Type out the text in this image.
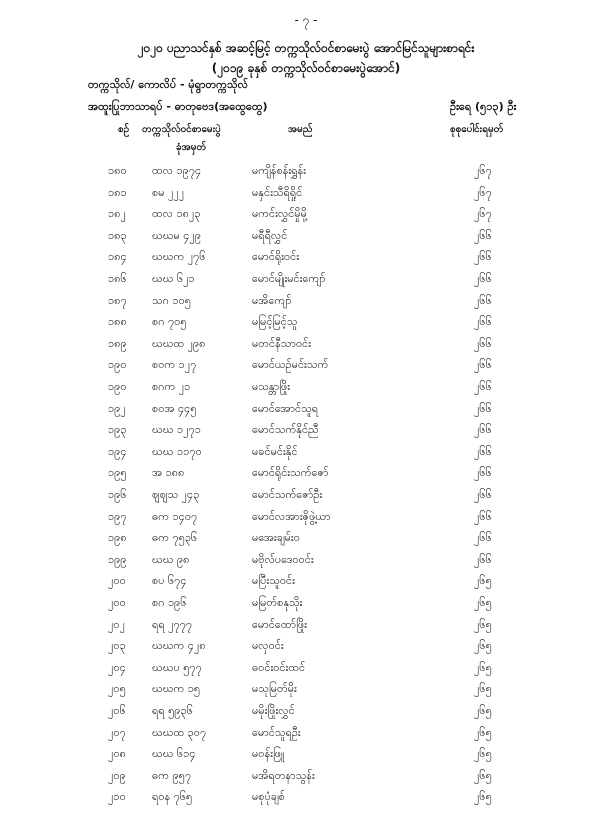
- ၇ -
၂၀၂၀ ပညာသင်နှစ် အဆင့်မြင့် တက္ကသိုလ်ဝင်စာမေးပွဲ အောင်မြင်သူများစာရင်း
(၂၀၁၉ ခုနှစ် တက္ကသိုလ်ဝင်စာမေးပွဲအောင်)
တက္ကသိုလ်/ ကောလိပ် - မုံရွာတက္ကသိုလ်
အထူးပြုဘာသာရပ် - ဓာတုဗေဒ(အထွေထွေ)	ဦးရေ (၅၁၃) ဦး
စဉ် တက္ကသိုလ်ဝင်စာမေးပွဲ
ခုံအမှတ်
အမည်	စုစုပေါင်းရမှတ်
၁၈၀ ထလ ၁၉၇၄	မကျိန်စန်းရွှန်း	၂၆၇
၁၈၁ စမ ၂၂၂	မနှင်းသီရိရှိုင်	၂၆၇
၁၈၂ ထလ ၁၈၂၃	မကင်းလွှင်မှိုမို့	၂၆၇
၁၈၃ ဃဃမ ၄၂၉	မရီရီလွှင်	၂၆၆
၁၈၄ ဃဃက ၂၇၆	မောင်ရိုးဝင်း	၂၆၆
၁၈၆ ဃဃ ၆၂၁	မောင်မျိုးမင်းကျော်	၂၆၆
၁၈၇ သဂ ၁၀၅	မအိကျော်	၂၆၆
၁၈၈ စဂ ၇၀၅	မမြင့်မြင့်သူ	၂၆၆
၁၈၉ ဃဃထ ၂၉၈	မတင်နီသာဝင်း	၂၆၆
၁၉၀ စဝက ၁၂၇	မောင်ယဉ်မင်းသက်	၂၆၆
၁၉၀ စဂက ၂၁	မသန္တာဖြိုး	၂၆၆
၁၉၂ စဝအ ၄၄၅	မောင်အောင်သူရ	၂၆၆
၁၉၃ ဃဃ ၁၂၇၁	မောင်သက်နိုင်ညီ	၂၆၆
၁၉၄ ဃဃ ၁၁၇၀	မခင်မင်းနိုင်	၂၆၆
၁၉၅ အ ၁၈၈	မောင်ရိုင်းသက်ဇော်	၂၆၆
၁၉၆ ဈဈသ ၂၄၃	မောင်သက်ဇော်ဦး	၂၆၆
၁၉၇ ဓက ၁၄၀၇	မောင်လအားဇိုဖွဲ့ယာ	၂၆၆
၁၉၈ ဓက ၇၅၃၆	မအေးချမ်း၀	၂၆၆
၁၉၉ ဃဃ ၉၈	မဗိုလ်ပဒေ၀ဝင်း	၂၆၆
၂၀၀ စပ ၆၇၄	မပြီးသူဝင်း	၂၆၅
၂၀၀ စဂ ၁၉၆	မမြတ်စနုသိုး	၂၆၅
၂၀၂ ရရ ၂၇၇၇	မောင်ထော်ဖြိုး	၂၆၅
၂၀၃ ဃဃက ၄၂၈	မလှဝင်း	၂၆၅
၂၀၄ ဃဃပ ၅၇၇	ဓဝင်းဝင်းထင်	၂၆၅
၂၀၅ ဃဃက ၁၅	မသုမြတ်မိုး	၂၆၅
၂၀၆ ရရ ၅၉၃၆	မမိုးဖြိုးလွှင်	၂၆၅
၂၀၇ ဃဃထ ၃၀၇	မောင်သူရဦး	၂၆၅
၂၀၈ ဃဃ ၆၁၄	မဝန်းဖြူ	၂၆၅
၂၀၉ ဓက ၉၅၇	မအိရတနာသွန်း	၂၆၅
၂၁၀ ရဝန ၇၆၅	မစုပုံချစ်	၂၆၅
